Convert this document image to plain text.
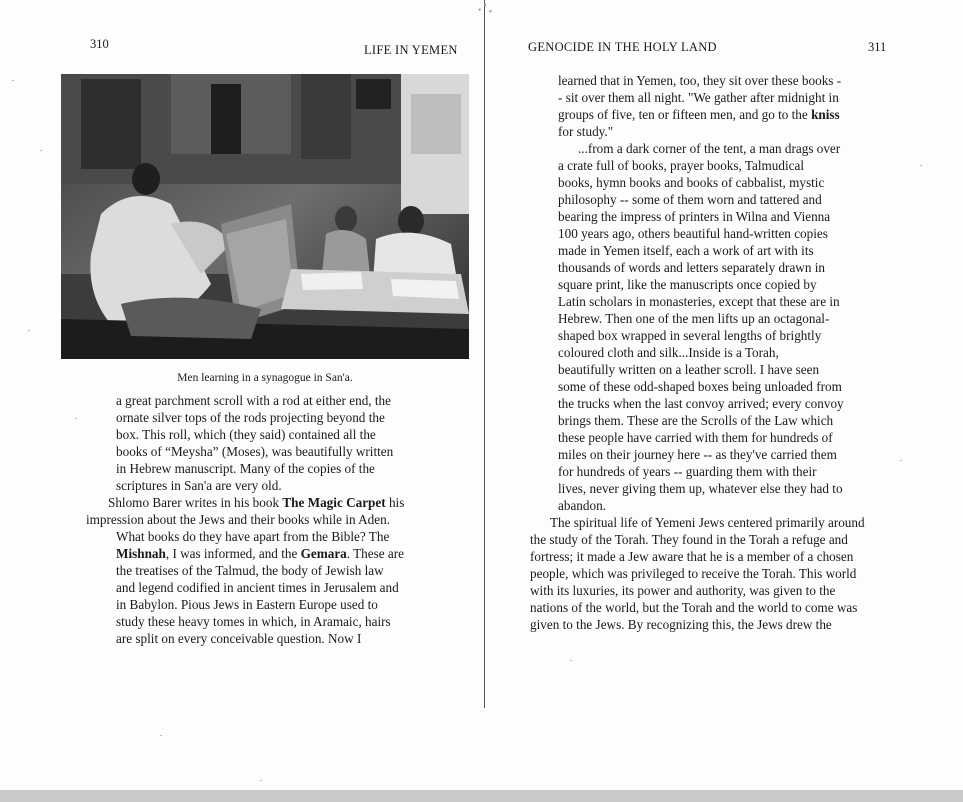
310	LIFE IN YEMEN
Men learning in a synagogue in San'a.

a great parchment scroll with a rod at either end, the

ornate silver tops of the rods projecting beyond the

box. This roll, which (they said) contained all the

books of “Meysha” (Moses), was beautifully written

in Hebrew manuscript. Many of the copies of the

scriptures in San'a are very old.

Shlomo Barer writes in his book The Magic Carpet his

impression about the Jews and their books while in Aden.

What books do they have apart from the Bible? The

Mishnah, I was informed, and the Gemara. These are

the treatises of the Talmud, the body of Jewish law

and legend codified in ancient times in Jerusalem and

in Babylon. Pious Jews in Eastern Europe used to

study these heavy tomes in which, in Aramaic, hairs

are split on every conceivable question. Now I

GENOCIDE IN THE HOLY LAND	311

learned that in Yemen, too, they sit over these books -

- sit over them all night. "We gather after midnight in

groups of five, ten or fifteen men, and go to the kniss

for study."

...from a dark corner of the tent, a man drags over

a crate full of books, prayer books, Talmudical

books, hymn books and books of cabbalist, mystic

philosophy -- some of them worn and tattered and

bearing the impress of printers in Wilna and Vienna

100 years ago, others beautiful hand-written copies

made in Yemen itself, each a work of art with its

thousands of words and letters separately drawn in

square print, like the manuscripts once copied by

Latin scholars in monasteries, except that these are in

Hebrew. Then one of the men lifts up an octagonal-

shaped box wrapped in several lengths of brightly

coloured cloth and silk...Inside is a Torah,

beautifully written on a leather scroll. I have seen

some of these odd-shaped boxes being unloaded from

the trucks when the last convoy arrived; every convoy

brings them. These are the Scrolls of the Law which

these people have carried with them for hundreds of

miles on their journey here -- as they've carried them

for hundreds of years -- guarding them with their

lives, never giving them up, whatever else they had to

abandon.

The spiritual life of Yemeni Jews centered primarily around

the study of the Torah. They found in the Torah a refuge and

fortress; it made a Jew aware that he is a member of a chosen

people, which was privileged to receive the Torah. This world

with its luxuries, its power and authority, was given to the

nations of the world, but the Torah and the world to come was

given to the Jews. By recognizing this, the Jews drew the
